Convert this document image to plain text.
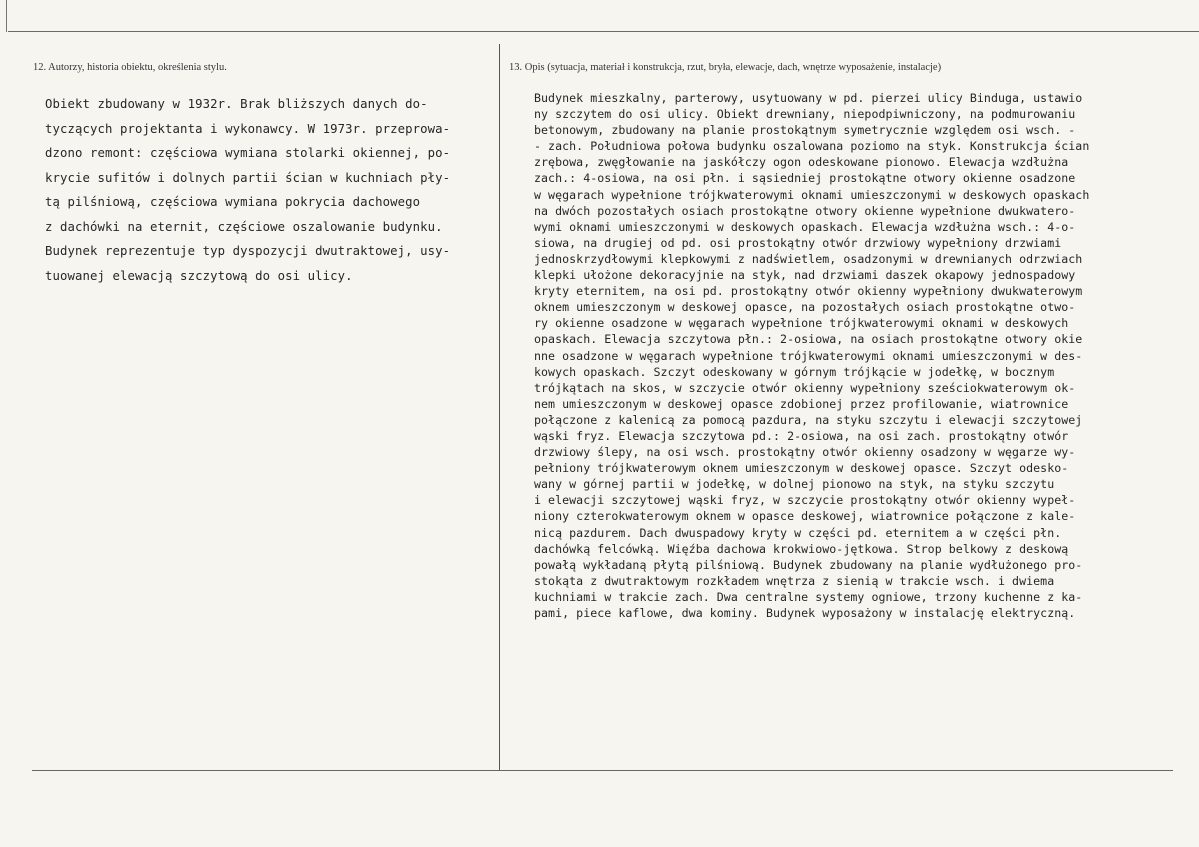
12. Autorzy, historia obiektu, określenia stylu.	13. Opis (sytuacja, materiał i konstrukcja, rzut, bryła, elewacje, dach, wnętrze wyposażenie, instalacje)
Obiekt zbudowany w 1932r. Brak bliższych danych do-
tyczących projektanta i wykonawcy. W 1973r. przeprowa-
dzono remont: częściowa wymiana stolarki okiennej, po-
krycie sufitów i dolnych partii ścian w kuchniach pły-
tą pilśniową, częściowa wymiana pokrycia dachowego
z dachówki na eternit, częściowe oszalowanie budynku.
Budynek reprezentuje typ dyspozycji dwutraktowej, usy-
tuowanej elewacją szczytową do osi ulicy.
Budynek mieszkalny, parterowy, usytuowany w pd. pierzei ulicy Binduga, ustawio
ny szczytem do osi ulicy. Obiekt drewniany, niepodpiwniczony, na podmurowaniu
betonowym, zbudowany na planie prostokątnym symetrycznie względem osi wsch. -
- zach. Południowa połowa budynku oszalowana poziomo na styk. Konstrukcja ścian
zrębowa, zwęgłowanie na jaskółczy ogon odeskowane pionowo. Elewacja wzdłużna
zach.: 4-osiowa, na osi płn. i sąsiedniej prostokątne otwory okienne osadzone
w węgarach wypełnione trójkwaterowymi oknami umieszczonymi w deskowych opaskach
na dwóch pozostałych osiach prostokątne otwory okienne wypełnione dwukwatero-
wymi oknami umieszczonymi w deskowych opaskach. Elewacja wzdłużna wsch.: 4-o-
siowa, na drugiej od pd. osi prostokątny otwór drzwiowy wypełniony drzwiami
jednoskrzydłowymi klepkowymi z nadświetlem, osadzonymi w drewnianych odrzwiach
klepki ułożone dekoracyjnie na styk, nad drzwiami daszek okapowy jednospadowy
kryty eternitem, na osi pd. prostokątny otwór okienny wypełniony dwukwaterowym
oknem umieszczonym w deskowej opasce, na pozostałych osiach prostokątne otwo-
ry okienne osadzone w węgarach wypełnione trójkwaterowymi oknami w deskowych
opaskach. Elewacja szczytowa płn.: 2-osiowa, na osiach prostokątne otwory okie
nne osadzone w węgarach wypełnione trójkwaterowymi oknami umieszczonymi w des-
kowych opaskach. Szczyt odeskowany w górnym trójkącie w jodełkę, w bocznym
trójkątach na skos, w szczycie otwór okienny wypełniony sześciokwaterowym ok-
nem umieszczonym w deskowej opasce zdobionej przez profilowanie, wiatrownice
połączone z kalenicą za pomocą pazdura, na styku szczytu i elewacji szczytowej
wąski fryz. Elewacja szczytowa pd.: 2-osiowa, na osi zach. prostokątny otwór
drzwiowy ślepy, na osi wsch. prostokątny otwór okienny osadzony w węgarze wy-
pełniony trójkwaterowym oknem umieszczonym w deskowej opasce. Szczyt odesko-
wany w górnej partii w jodełkę, w dolnej pionowo na styk, na styku szczytu
i elewacji szczytowej wąski fryz, w szczycie prostokątny otwór okienny wypeł-
niony czterokwaterowym oknem w opasce deskowej, wiatrownice połączone z kale-
nicą pazdurem. Dach dwuspadowy kryty w części pd. eternitem a w części płn.
dachówką felcówką. Więźba dachowa krokwiowo-jętkowa. Strop belkowy z deskową
powałą wykładaną płytą pilśniową. Budynek zbudowany na planie wydłużonego pro-
stokąta z dwutraktowym rozkładem wnętrza z sienią w trakcie wsch. i dwiema
kuchniami w trakcie zach. Dwa centralne systemy ogniowe, trzony kuchenne z ka-
pami, piece kaflowe, dwa kominy. Budynek wyposażony w instalację elektryczną.
